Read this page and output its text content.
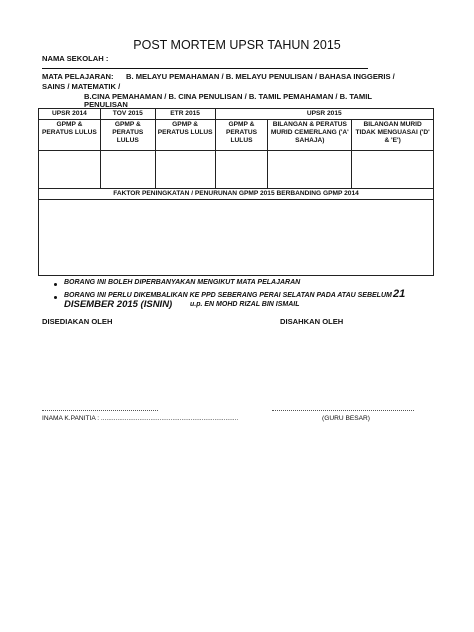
POST MORTEM UPSR TAHUN 2015
NAMA SEKOLAH :
MATA PELAJARAN: B. MELAYU PEMAHAMAN / B. MELAYU PENULISAN / BAHASA INGGERIS /
SAINS / MATEMATIK /
B.CINA PEMAHAMAN / B. CINA PENULISAN / B. TAMIL PEMAHAMAN / B. TAMIL
PENULISAN
UPSR 2014	TOV 2015	ETR 2015	UPSR 2015		
GPMP & PERATUS LULUS	GPMP & PERATUS LULUS	GPMP & PERATUS LULUS	GPMP & PERATUS LULUS	BILANGAN & PERATUS MURID CEMERLANG ('A' SAHAJA)	BILANGAN MURID TIDAK MENGUASAI ('D' & 'E')

FAKTOR PENINGKATAN / PENURUNAN GPMP 2015 BERBANDING GPMP 2014					

BORANG INI BOLEH DIPERBANYAKAN MENGIKUT MATA PELAJARAN
BORANG INI PERLU DIKEMBALIKAN KE PPD SEBERANG PERAI SELATAN PADA ATAU SEBELUM 21
DISEMBER 2015 (ISNIN)	u.p. EN MOHD RIZAL BIN ISMAIL
DISEDIAKAN OLEH	DISAHKAN OLEH
INAMA K.PANITIA : ...........................................................................	(GURU BESAR)
